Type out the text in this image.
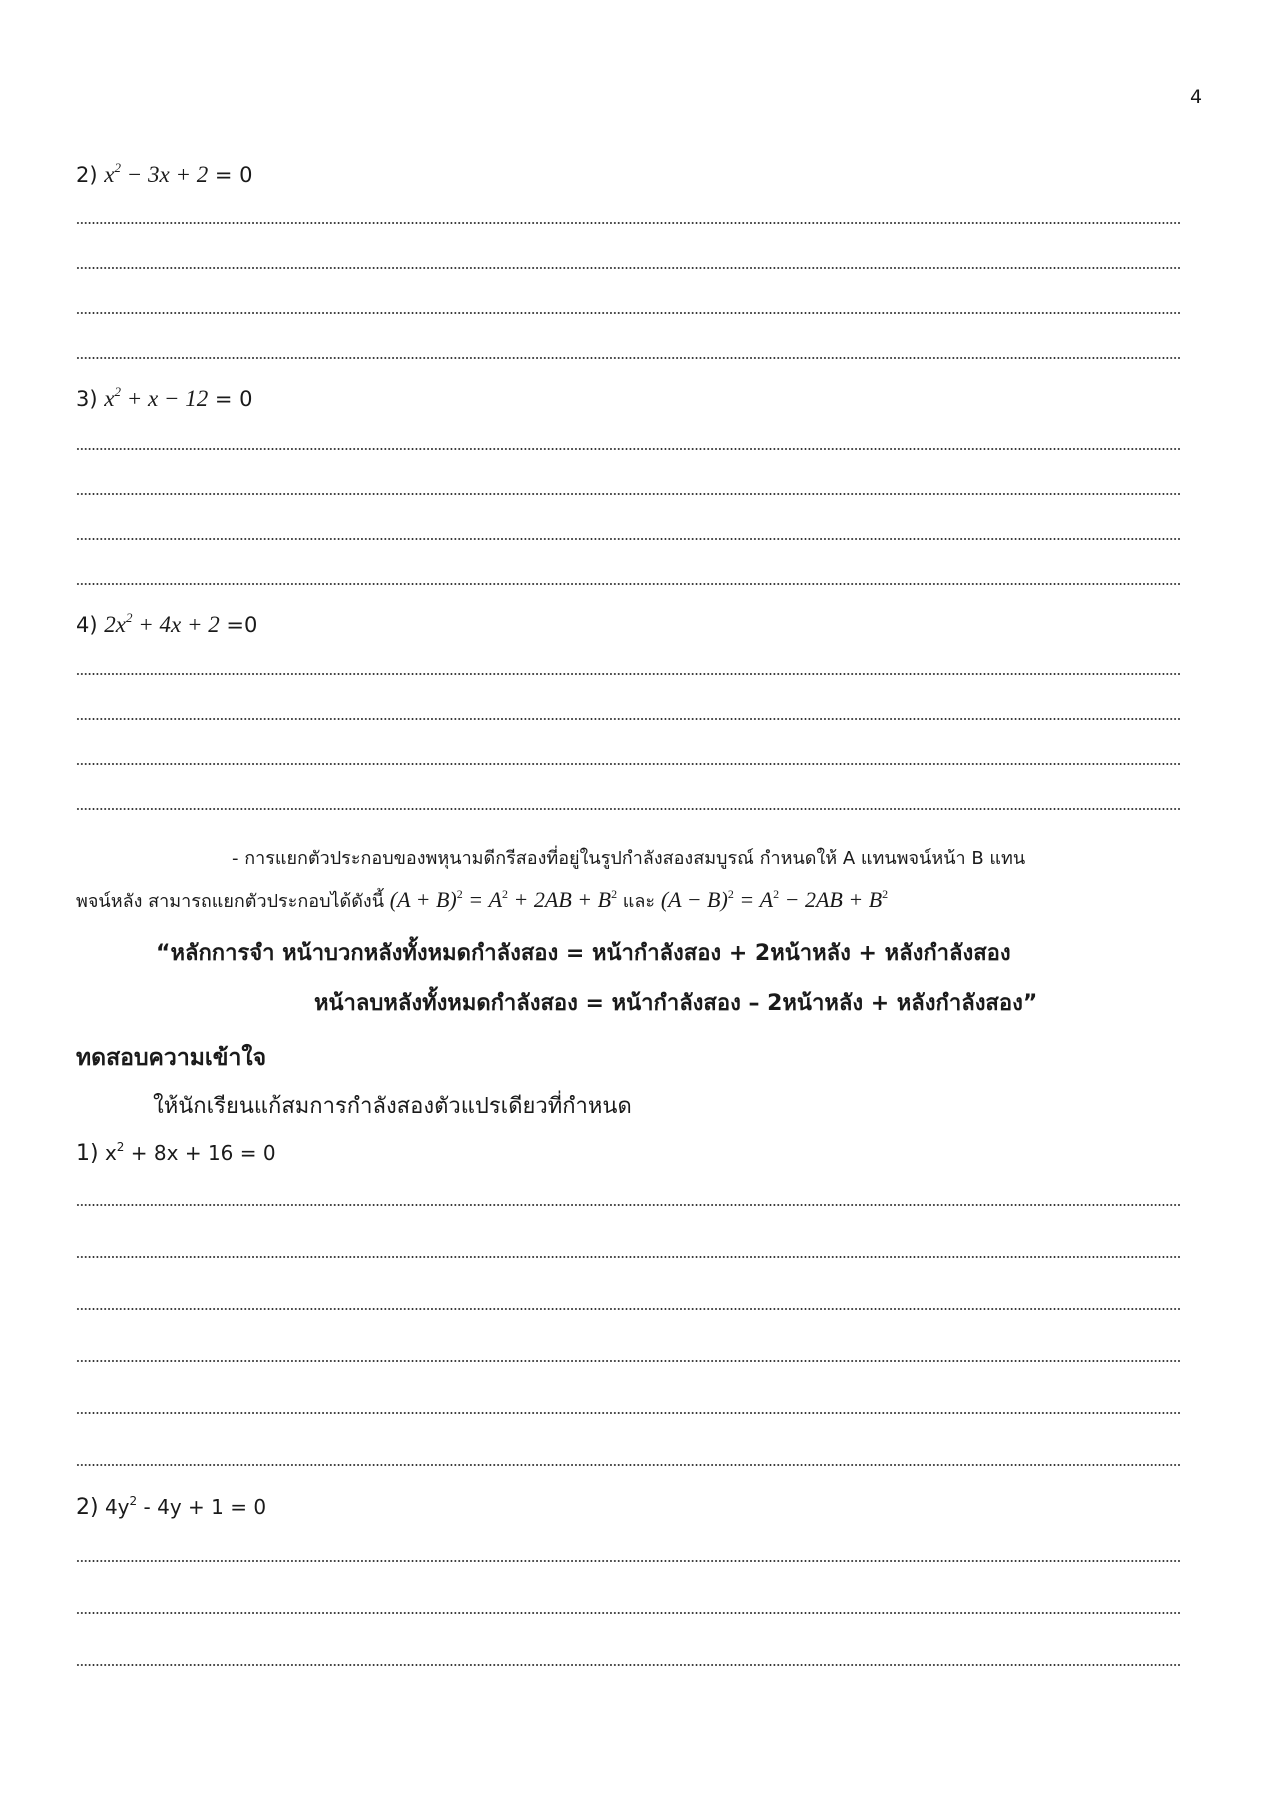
4
2) $x^2 - 3x + 2 = 0$
3) $x^2 + x - 12 = 0$
4) $2x^2 + 4x + 2 =0$
- การแยกตัวประกอบของพหุนามดีกรีสองที่อยู่ในรูปกำลังสองสมบูรณ์ กำหนดให้ A แทนพจน์หน้า B แทน
พจน์หลัง สามารถแยกตัวประกอบได้ดังนี้ $(A + B)^2 = A^2 + 2AB + B^2$ และ $(A - B)^2 = A^2 - 2AB + B^2$
“หลักการจำ หน้าบวกหลังทั้งหมดกำลังสอง = หน้ากำลังสอง + 2หน้าหลัง + หลังกำลังสอง
หน้าลบหลังทั้งหมดกำลังสอง = หน้ากำลังสอง – 2หน้าหลัง + หลังกำลังสอง”
ทดสอบความเข้าใจ
ให้นักเรียนแก้สมการกำลังสองตัวแปรเดียวที่กำหนด
1) $x^2 + 8x + 16 = 0$
2) $4y^2 - 4y + 1 = 0$
